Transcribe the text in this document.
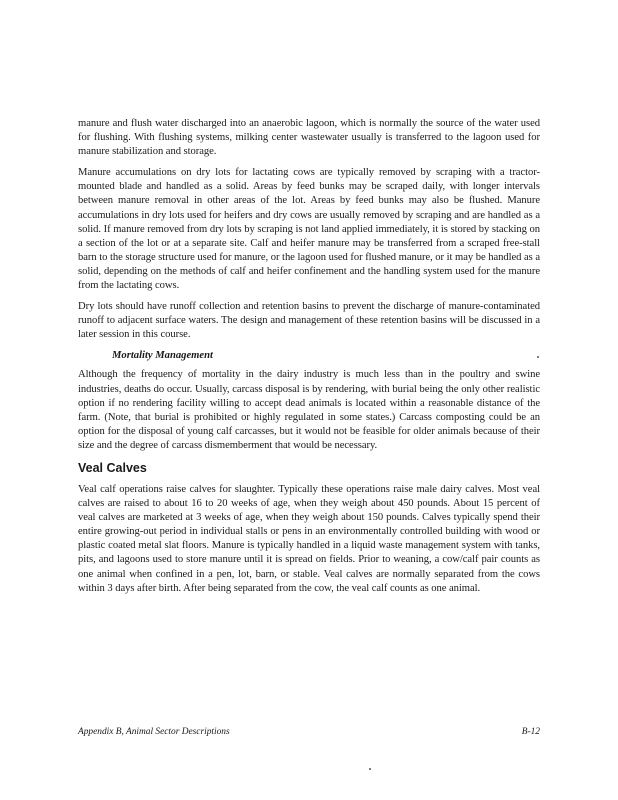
manure and flush water discharged into an anaerobic lagoon, which is normally the source of the water used for flushing. With flushing systems, milking center wastewater usually is transferred to the lagoon used for manure stabilization and storage.

Manure accumulations on dry lots for lactating cows are typically removed by scraping with a tractor-mounted blade and handled as a solid. Areas by feed bunks may be scraped daily, with longer intervals between manure removal in other areas of the lot. Areas by feed bunks may also be flushed. Manure accumulations in dry lots used for heifers and dry cows are usually removed by scraping and are handled as a solid. If manure removed from dry lots by scraping is not land applied immediately, it is stored by stacking on a section of the lot or at a separate site. Calf and heifer manure may be transferred from a scraped free-stall barn to the storage structure used for manure, or the lagoon used for flushed manure, or it may be handled as a solid, depending on the methods of calf and heifer confinement and the handling system used for the manure from the lactating cows.

Dry lots should have runoff collection and retention basins to prevent the discharge of manure-contaminated runoff to adjacent surface waters. The design and management of these retention basins will be discussed in a later session in this course.

Mortality Management

Although the frequency of mortality in the dairy industry is much less than in the poultry and swine industries, deaths do occur. Usually, carcass disposal is by rendering, with burial being the only other realistic option if no rendering facility willing to accept dead animals is located within a reasonable distance of the farm. (Note, that burial is prohibited or highly regulated in some states.) Carcass composting could be an option for the disposal of young calf carcasses, but it would not be feasible for older animals because of their size and the degree of carcass dismemberment that would be necessary.

Veal Calves

Veal calf operations raise calves for slaughter. Typically these operations raise male dairy calves. Most veal calves are raised to about 16 to 20 weeks of age, when they weigh about 450 pounds. About 15 percent of veal calves are marketed at 3 weeks of age, when they weigh about 150 pounds. Calves typically spend their entire growing-out period in individual stalls or pens in an environmentally controlled building with wood or plastic coated metal slat floors. Manure is typically handled in a liquid waste management system with tanks, pits, and lagoons used to store manure until it is spread on fields. Prior to weaning, a cow/calf pair counts as one animal when confined in a pen, lot, barn, or stable. Veal calves are normally separated from the cows within 3 days after birth. After being separated from the cow, the veal calf counts as one animal.

Appendix B, Animal Sector Descriptions	B-12
